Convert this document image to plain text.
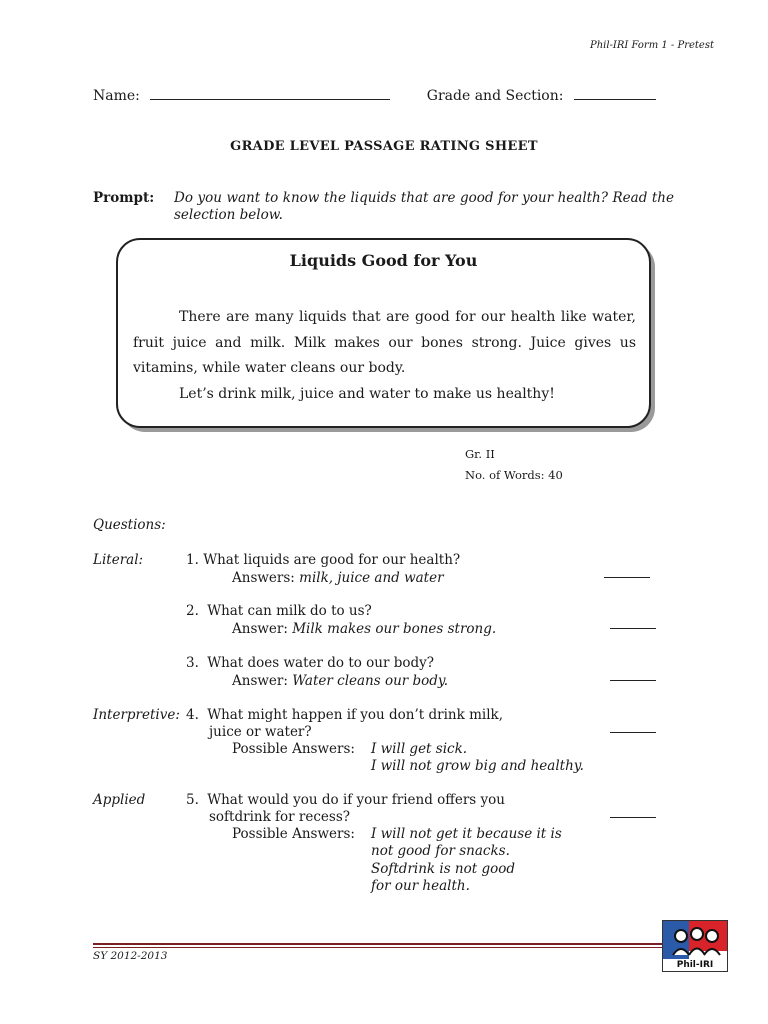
Phil-IRI Form 1 - Pretest
Name:	Grade and Section:
GRADE LEVEL PASSAGE RATING SHEET
Prompt: Do you want to know the liquids that are good for your health? Read the selection below.
Liquids Good for You

There are many liquids that are good for our health like water, fruit juice and milk. Milk makes our bones strong. Juice gives us vitamins, while water cleans our body.

Let’s drink milk, juice and water to make us healthy!

Gr. II
No. of Words: 40
Questions:
Literal:	1. What liquids are good for our health?
Answers: milk, juice and water
2. What can milk do to us?
Answer: Milk makes our bones strong.
3. What does water do to our body?
Answer: Water cleans our body.
Interpretive: 4. What might happen if you don’t drink milk,
juice or water?
Possible Answers: I will get sick.
I will not grow big and healthy.
Applied	5. What would you do if your friend offers you
softdrink for recess?
Possible Answers: I will not get it because it is
not good for snacks.
Softdrink is not good
for our health.
SY 2012-2013
Phil-IRI
